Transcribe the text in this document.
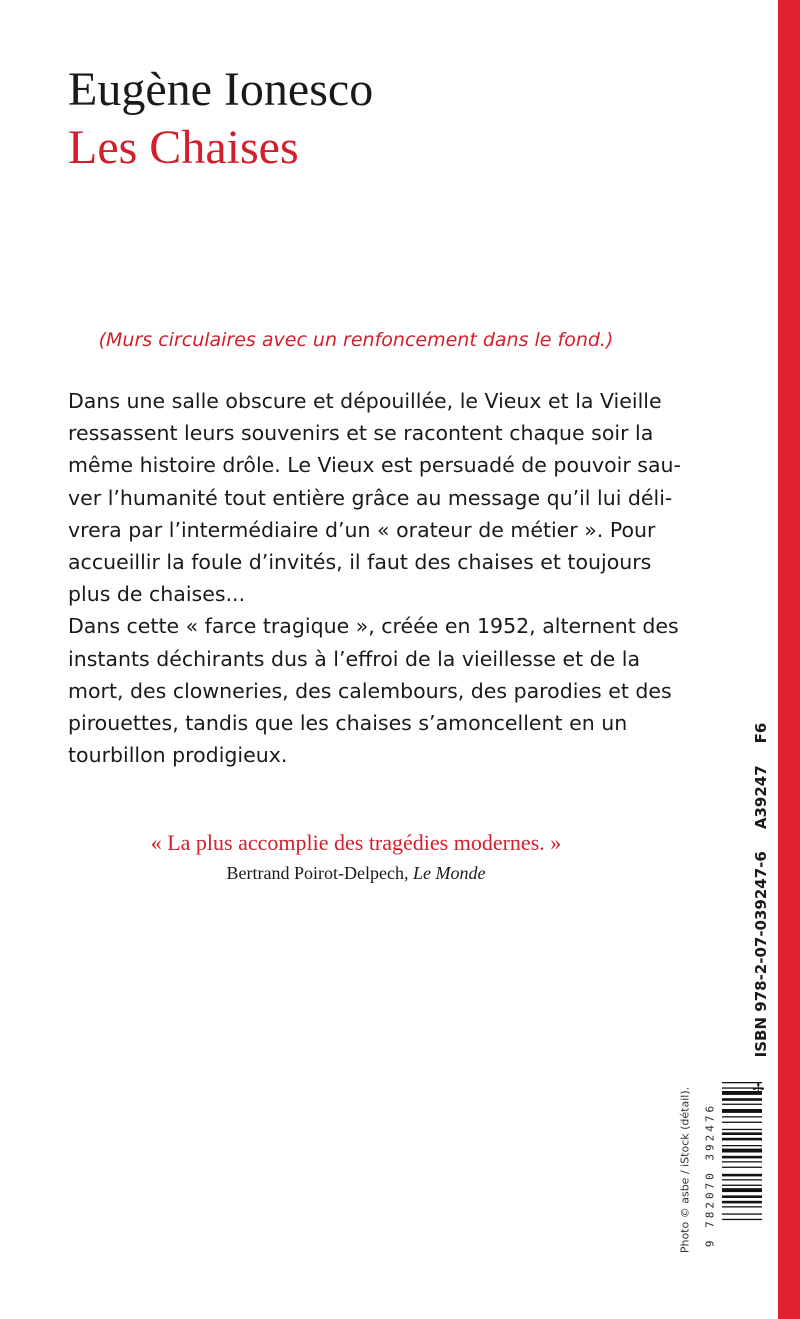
Eugène Ionesco
Les Chaises
(Murs circulaires avec un renfoncement dans le fond.)
Dans une salle obscure et dépouillée, le Vieux et la Vieille
ressassent leurs souvenirs et se racontent chaque soir la
même histoire drôle. Le Vieux est persuadé de pouvoir sau-
ver l’humanité tout entière grâce au message qu’il lui déli-
vrera par l’intermédiaire d’un « orateur de métier ». Pour
accueillir la foule d’invités, il faut des chaises et toujours
plus de chaises...
Dans cette « farce tragique », créée en 1952, alternent des
instants déchirants dus à l’effroi de la vieillesse et de la
mort, des clowneries, des calembours, des parodies et des
pirouettes, tandis que les chaises s’amoncellent en un
tourbillon prodigieux.
« La plus accomplie des tragédies modernes. »
Bertrand Poirot-Delpech, Le Monde
Photo © asbe / iStock (détail). 9 782070 392476
ISBN 978-2-07-039247-6A39247F6
✢
